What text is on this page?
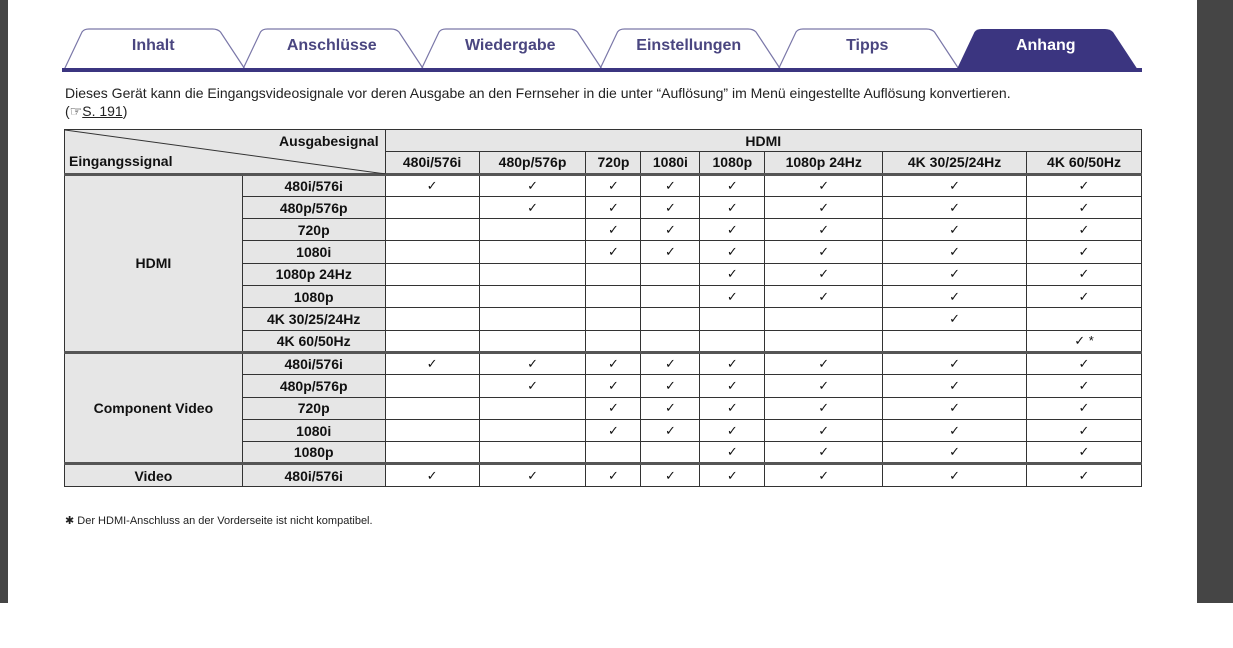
Inhalt	Anschlüsse	Wiedergabe	Einstellungen	Tipps	Anhang
Dieses Gerät kann die Eingangsvideosignale vor deren Ausgabe an den Fernseher in die unter “Auflösung” im Menü eingestellte Auflösung konvertieren.
(☞S. 191)
Ausgabesignal
Eingangssignal		HDMI							
		480i/576i	480p/576p	720p	1080i	1080p	1080p 24Hz	4K 30/25/24Hz	4K 60/50Hz
HDMI	480i/576i	✓	✓	✓	✓	✓	✓	✓	✓
	480p/576p		✓	✓	✓	✓	✓	✓	✓
	720p			✓	✓	✓	✓	✓	✓
	1080i			✓	✓	✓	✓	✓	✓
	1080p 24Hz					✓	✓	✓	✓
	1080p					✓	✓	✓	✓
	4K 30/25/24Hz							✓	
	4K 60/50Hz								✓ *
Component Video	480i/576i	✓	✓	✓	✓	✓	✓	✓	✓
	480p/576p		✓	✓	✓	✓	✓	✓	✓
	720p			✓	✓	✓	✓	✓	✓
	1080i			✓	✓	✓	✓	✓	✓
	1080p					✓	✓	✓	✓
Video	480i/576i	✓	✓	✓	✓	✓	✓	✓	✓
✱ Der HDMI-Anschluss an der Vorderseite ist nicht kompatibel.
